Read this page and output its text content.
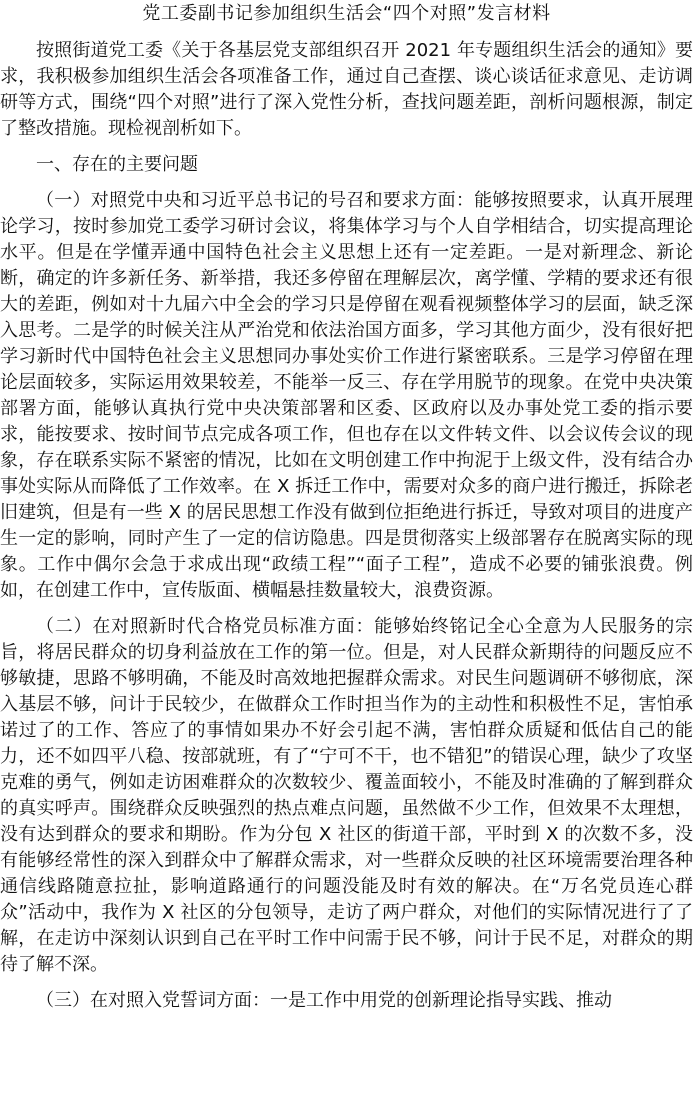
党工委副书记参加组织生活会“四个对照”发言材料

按照街道党工委《关于各基层党支部组织召开 2021 年专题组织生活会的通知》要求，我积极参加组织生活会各项准备工作，通过自己查摆、谈心谈话征求意见、走访调研等方式，围绕“四个对照”进行了深入党性分析，查找问题差距，剖析问题根源，制定了整改措施。现检视剖析如下。

一、存在的主要问题

（一）对照党中央和习近平总书记的号召和要求方面：能够按照要求，认真开展理论学习，按时参加党工委学习研讨会议，将集体学习与个人自学相结合，切实提高理论水平。但是在学懂弄通中国特色社会主义思想上还有一定差距。一是对新理念、新论断，确定的许多新任务、新举措，我还多停留在理解层次，离学懂、学精的要求还有很大的差距，例如对十九届六中全会的学习只是停留在观看视频整体学习的层面，缺乏深入思考。二是学的时候关注从严治党和依法治国方面多，学习其他方面少，没有很好把学习新时代中国特色社会主义思想同办事处实价工作进行紧密联系。三是学习停留在理论层面较多，实际运用效果较差，不能举一反三、存在学用脱节的现象。在党中央决策部署方面，能够认真执行党中央决策部署和区委、区政府以及办事处党工委的指示要求，能按要求、按时间节点完成各项工作，但也存在以文件转文件、以会议传会议的现象，存在联系实际不紧密的情况，比如在文明创建工作中拘泥于上级文件，没有结合办事处实际从而降低了工作效率。在 X 拆迁工作中，需要对众多的商户进行搬迁，拆除老旧建筑，但是有一些 X 的居民思想工作没有做到位拒绝进行拆迁，导致对项目的进度产生一定的影响，同时产生了一定的信访隐患。四是贯彻落实上级部署存在脱离实际的现象。工作中偶尔会急于求成出现“政绩工程”“面子工程”，造成不必要的铺张浪费。例如，在创建工作中，宣传版面、横幅悬挂数量较大，浪费资源。

（二）在对照新时代合格党员标准方面：能够始终铭记全心全意为人民服务的宗旨，将居民群众的切身利益放在工作的第一位。但是，对人民群众新期待的问题反应不够敏捷，思路不够明确，不能及时高效地把握群众需求。对民生问题调研不够彻底，深入基层不够，问计于民较少，在做群众工作时担当作为的主动性和积极性不足，害怕承诺过了的工作、答应了的事情如果办不好会引起不满，害怕群众质疑和低估自己的能力，还不如四平八稳、按部就班，有了“宁可不干，也不错犯”的错误心理，缺少了攻坚克难的勇气，例如走访困难群众的次数较少、覆盖面较小，不能及时准确的了解到群众的真实呼声。围绕群众反映强烈的热点难点问题，虽然做不少工作，但效果不太理想，没有达到群众的要求和期盼。作为分包 X 社区的街道干部，平时到 X 的次数不多，没有能够经常性的深入到群众中了解群众需求，对一些群众反映的社区环境需要治理各种通信线路随意拉扯，影响道路通行的问题没能及时有效的解决。在“万名党员连心群众”活动中，我作为 X 社区的分包领导，走访了两户群众，对他们的实际情况进行了了解，在走访中深刻认识到自己在平时工作中问需于民不够，问计于民不足，对群众的期待了解不深。

（三）在对照入党誓词方面：一是工作中用党的创新理论指导实践、推动
